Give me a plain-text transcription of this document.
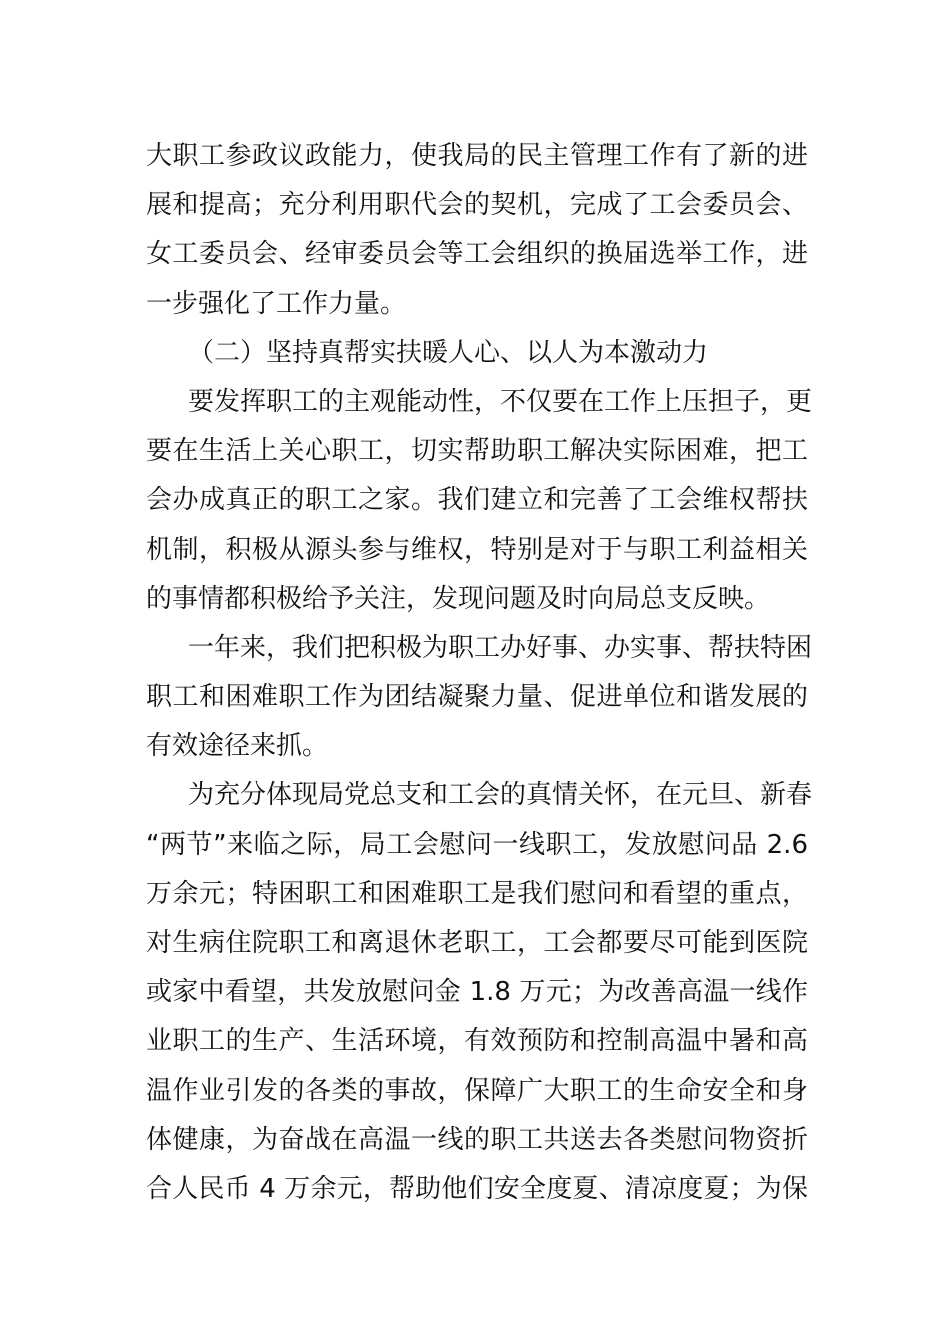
大职工参政议政能力，使我局的民主管理工作有了新的进
展和提高；充分利用职代会的契机，完成了工会委员会、
女工委员会、经审委员会等工会组织的换届选举工作，进
一步强化了工作力量。
（二）坚持真帮实扶暖人心、以人为本激动力
要发挥职工的主观能动性，不仅要在工作上压担子，更
要在生活上关心职工，切实帮助职工解决实际困难，把工
会办成真正的职工之家。我们建立和完善了工会维权帮扶
机制，积极从源头参与维权，特别是对于与职工利益相关
的事情都积极给予关注，发现问题及时向局总支反映。
一年来，我们把积极为职工办好事、办实事、帮扶特困
职工和困难职工作为团结凝聚力量、促进单位和谐发展的
有效途径来抓。
为充分体现局党总支和工会的真情关怀，在元旦、新春
“两节”来临之际，局工会慰问一线职工，发放慰问品 2.6
万余元；特困职工和困难职工是我们慰问和看望的重点，
对生病住院职工和离退休老职工，工会都要尽可能到医院
或家中看望，共发放慰问金 1.8 万元；为改善高温一线作
业职工的生产、生活环境，有效预防和控制高温中暑和高
温作业引发的各类的事故，保障广大职工的生命安全和身
体健康，为奋战在高温一线的职工共送去各类慰问物资折
合人民币 4 万余元，帮助他们安全度夏、清凉度夏；为保
